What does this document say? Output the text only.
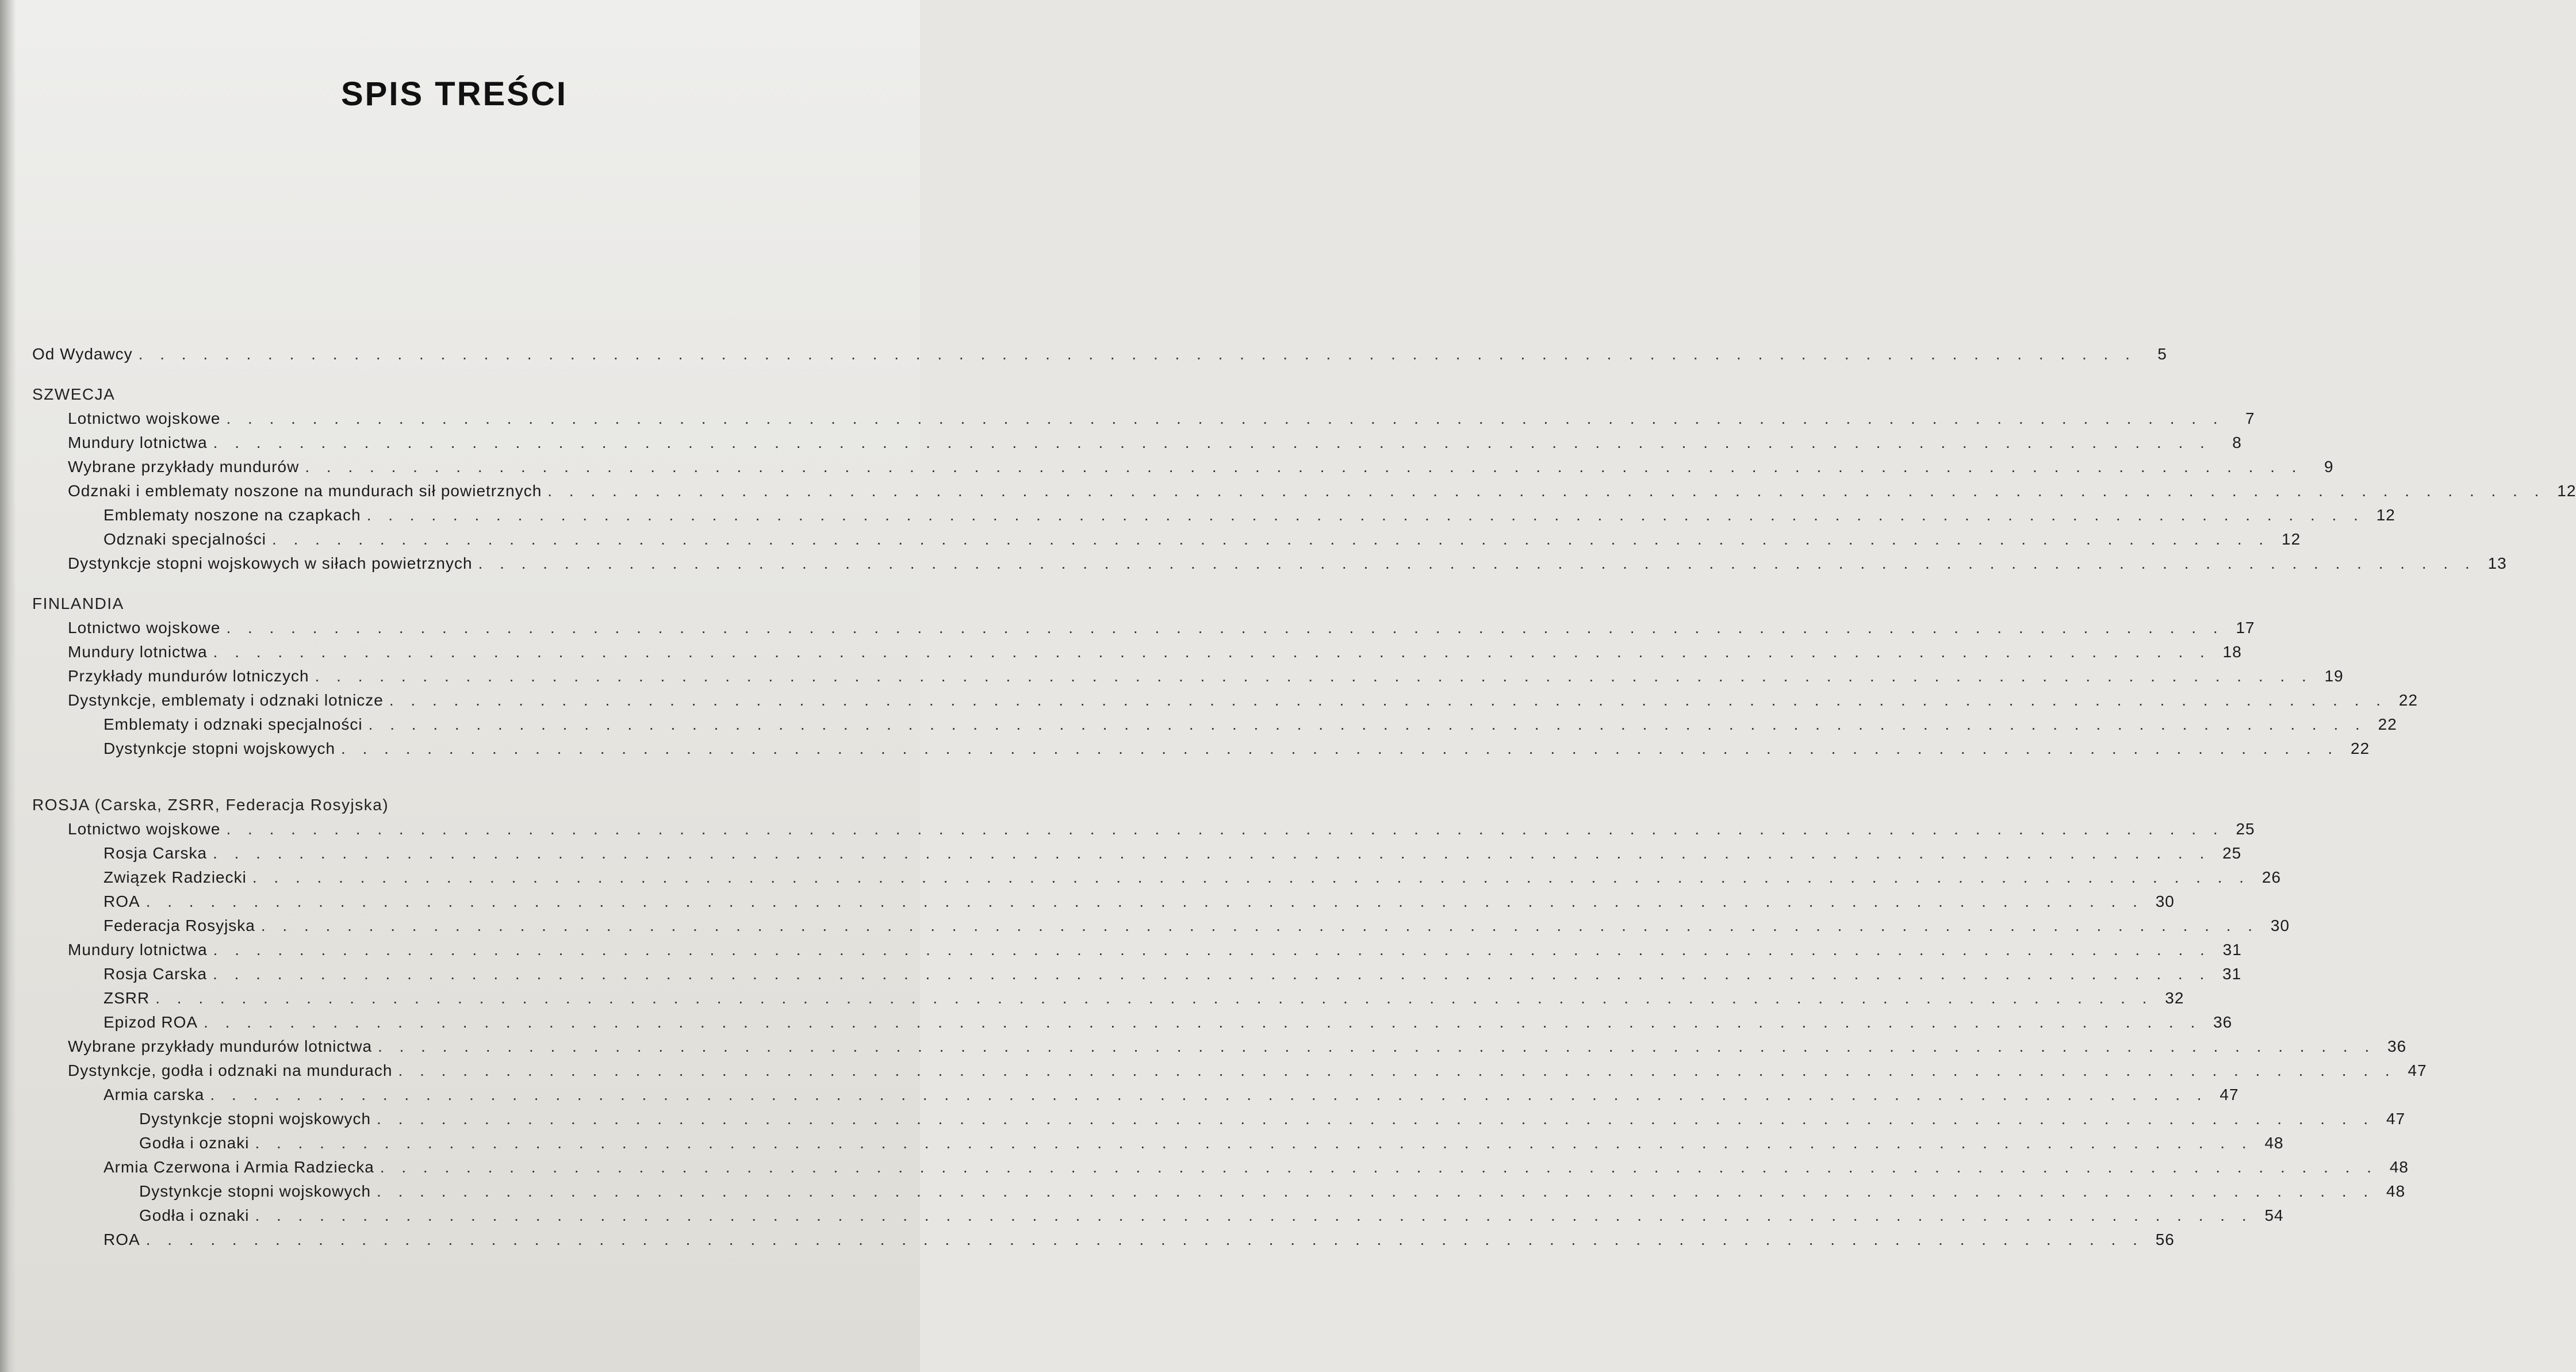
SPIS TREŚCI
Od Wydawcy . . . . . . . . . . . . . . . . . . . . . . . . . . . . . . . . . . . . . . . . . . . . . . . . . . . . . . . . . . . . . . . . . . . . . . . . . . . . . . . . . . . . . . . . . . . . .	5
SZWECJA
Lotnictwo wojskowe . . . . . . . . . . . . . . . . . . . . . . . . . . . . . . . . . . . . . . . . . . . . . . . . . . . . . . . . . . . . . . . . . . . . . . . . . . . . . . . . . . . . . . . . . . . . .	7
Mundury lotnictwa . . . . . . . . . . . . . . . . . . . . . . . . . . . . . . . . . . . . . . . . . . . . . . . . . . . . . . . . . . . . . . . . . . . . . . . . . . . . . . . . . . . . . . . . . . . . .	8
Wybrane przykłady mundurów . . . . . . . . . . . . . . . . . . . . . . . . . . . . . . . . . . . . . . . . . . . . . . . . . . . . . . . . . . . . . . . . . . . . . . . . . . . . . . . . . . . . . . . . . . . . .	9
Odznaki i emblematy noszone na mundurach sił powietrznych . . . . . . . . . . . . . . . . . . . . . . . . . . . . . . . . . . . . . . . . . . . . . . . . . . . . . . . . . . . . . . . . . . . . . . . . . . . . . . . . . . . . . . . . . . . . . 12
Emblematy noszone na czapkach . . . . . . . . . . . . . . . . . . . . . . . . . . . . . . . . . . . . . . . . . . . . . . . . . . . . . . . . . . . . . . . . . . . . . . . . . . . . . . . . . . . . . . . . . . . . . 12
Odznaki specjalności . . . . . . . . . . . . . . . . . . . . . . . . . . . . . . . . . . . . . . . . . . . . . . . . . . . . . . . . . . . . . . . . . . . . . . . . . . . . . . . . . . . . . . . . . . . . . 12
Dystynkcje stopni wojskowych w siłach powietrznych . . . . . . . . . . . . . . . . . . . . . . . . . . . . . . . . . . . . . . . . . . . . . . . . . . . . . . . . . . . . . . . . . . . . . . . . . . . . . . . . . . . . . . . . . . . . . 13
FINLANDIA
Lotnictwo wojskowe . . . . . . . . . . . . . . . . . . . . . . . . . . . . . . . . . . . . . . . . . . . . . . . . . . . . . . . . . . . . . . . . . . . . . . . . . . . . . . . . . . . . . . . . . . . . . 17
Mundury lotnictwa . . . . . . . . . . . . . . . . . . . . . . . . . . . . . . . . . . . . . . . . . . . . . . . . . . . . . . . . . . . . . . . . . . . . . . . . . . . . . . . . . . . . . . . . . . . . . 18
Przykłady mundurów lotniczych . . . . . . . . . . . . . . . . . . . . . . . . . . . . . . . . . . . . . . . . . . . . . . . . . . . . . . . . . . . . . . . . . . . . . . . . . . . . . . . . . . . . . . . . . . . . . 19
Dystynkcje, emblematy i odznaki lotnicze . . . . . . . . . . . . . . . . . . . . . . . . . . . . . . . . . . . . . . . . . . . . . . . . . . . . . . . . . . . . . . . . . . . . . . . . . . . . . . . . . . . . . . . . . . . . . 22
Emblematy i odznaki specjalności . . . . . . . . . . . . . . . . . . . . . . . . . . . . . . . . . . . . . . . . . . . . . . . . . . . . . . . . . . . . . . . . . . . . . . . . . . . . . . . . . . . . . . . . . . . . . 22
Dystynkcje stopni wojskowych . . . . . . . . . . . . . . . . . . . . . . . . . . . . . . . . . . . . . . . . . . . . . . . . . . . . . . . . . . . . . . . . . . . . . . . . . . . . . . . . . . . . . . . . . . . . . 22
ROSJA (Carska, ZSRR, Federacja Rosyjska)
Lotnictwo wojskowe . . . . . . . . . . . . . . . . . . . . . . . . . . . . . . . . . . . . . . . . . . . . . . . . . . . . . . . . . . . . . . . . . . . . . . . . . . . . . . . . . . . . . . . . . . . . . 25
Rosja Carska . . . . . . . . . . . . . . . . . . . . . . . . . . . . . . . . . . . . . . . . . . . . . . . . . . . . . . . . . . . . . . . . . . . . . . . . . . . . . . . . . . . . . . . . . . . . . 25
Związek Radziecki . . . . . . . . . . . . . . . . . . . . . . . . . . . . . . . . . . . . . . . . . . . . . . . . . . . . . . . . . . . . . . . . . . . . . . . . . . . . . . . . . . . . . . . . . . . . . 26
ROA . . . . . . . . . . . . . . . . . . . . . . . . . . . . . . . . . . . . . . . . . . . . . . . . . . . . . . . . . . . . . . . . . . . . . . . . . . . . . . . . . . . . . . . . . . . . . 30
Federacja Rosyjska . . . . . . . . . . . . . . . . . . . . . . . . . . . . . . . . . . . . . . . . . . . . . . . . . . . . . . . . . . . . . . . . . . . . . . . . . . . . . . . . . . . . . . . . . . . . . 30
Mundury lotnictwa . . . . . . . . . . . . . . . . . . . . . . . . . . . . . . . . . . . . . . . . . . . . . . . . . . . . . . . . . . . . . . . . . . . . . . . . . . . . . . . . . . . . . . . . . . . . . 31
Rosja Carska . . . . . . . . . . . . . . . . . . . . . . . . . . . . . . . . . . . . . . . . . . . . . . . . . . . . . . . . . . . . . . . . . . . . . . . . . . . . . . . . . . . . . . . . . . . . . 31
ZSRR . . . . . . . . . . . . . . . . . . . . . . . . . . . . . . . . . . . . . . . . . . . . . . . . . . . . . . . . . . . . . . . . . . . . . . . . . . . . . . . . . . . . . . . . . . . . . 32
Epizod ROA . . . . . . . . . . . . . . . . . . . . . . . . . . . . . . . . . . . . . . . . . . . . . . . . . . . . . . . . . . . . . . . . . . . . . . . . . . . . . . . . . . . . . . . . . . . . . 36
Wybrane przykłady mundurów lotnictwa . . . . . . . . . . . . . . . . . . . . . . . . . . . . . . . . . . . . . . . . . . . . . . . . . . . . . . . . . . . . . . . . . . . . . . . . . . . . . . . . . . . . . . . . . . . . . 36
Dystynkcje, godła i odznaki na mundurach . . . . . . . . . . . . . . . . . . . . . . . . . . . . . . . . . . . . . . . . . . . . . . . . . . . . . . . . . . . . . . . . . . . . . . . . . . . . . . . . . . . . . . . . . . . . . 47
Armia carska . . . . . . . . . . . . . . . . . . . . . . . . . . . . . . . . . . . . . . . . . . . . . . . . . . . . . . . . . . . . . . . . . . . . . . . . . . . . . . . . . . . . . . . . . . . . . 47
Dystynkcje stopni wojskowych . . . . . . . . . . . . . . . . . . . . . . . . . . . . . . . . . . . . . . . . . . . . . . . . . . . . . . . . . . . . . . . . . . . . . . . . . . . . . . . . . . . . . . . . . . . . . 47
Godła i oznaki . . . . . . . . . . . . . . . . . . . . . . . . . . . . . . . . . . . . . . . . . . . . . . . . . . . . . . . . . . . . . . . . . . . . . . . . . . . . . . . . . . . . . . . . . . . . . 48
Armia Czerwona i Armia Radziecka . . . . . . . . . . . . . . . . . . . . . . . . . . . . . . . . . . . . . . . . . . . . . . . . . . . . . . . . . . . . . . . . . . . . . . . . . . . . . . . . . . . . . . . . . . . . . 48
Dystynkcje stopni wojskowych . . . . . . . . . . . . . . . . . . . . . . . . . . . . . . . . . . . . . . . . . . . . . . . . . . . . . . . . . . . . . . . . . . . . . . . . . . . . . . . . . . . . . . . . . . . . . 48
Godła i oznaki . . . . . . . . . . . . . . . . . . . . . . . . . . . . . . . . . . . . . . . . . . . . . . . . . . . . . . . . . . . . . . . . . . . . . . . . . . . . . . . . . . . . . . . . . . . . . 54
ROA . . . . . . . . . . . . . . . . . . . . . . . . . . . . . . . . . . . . . . . . . . . . . . . . . . . . . . . . . . . . . . . . . . . . . . . . . . . . . . . . . . . . . . . . . . . . . 56
